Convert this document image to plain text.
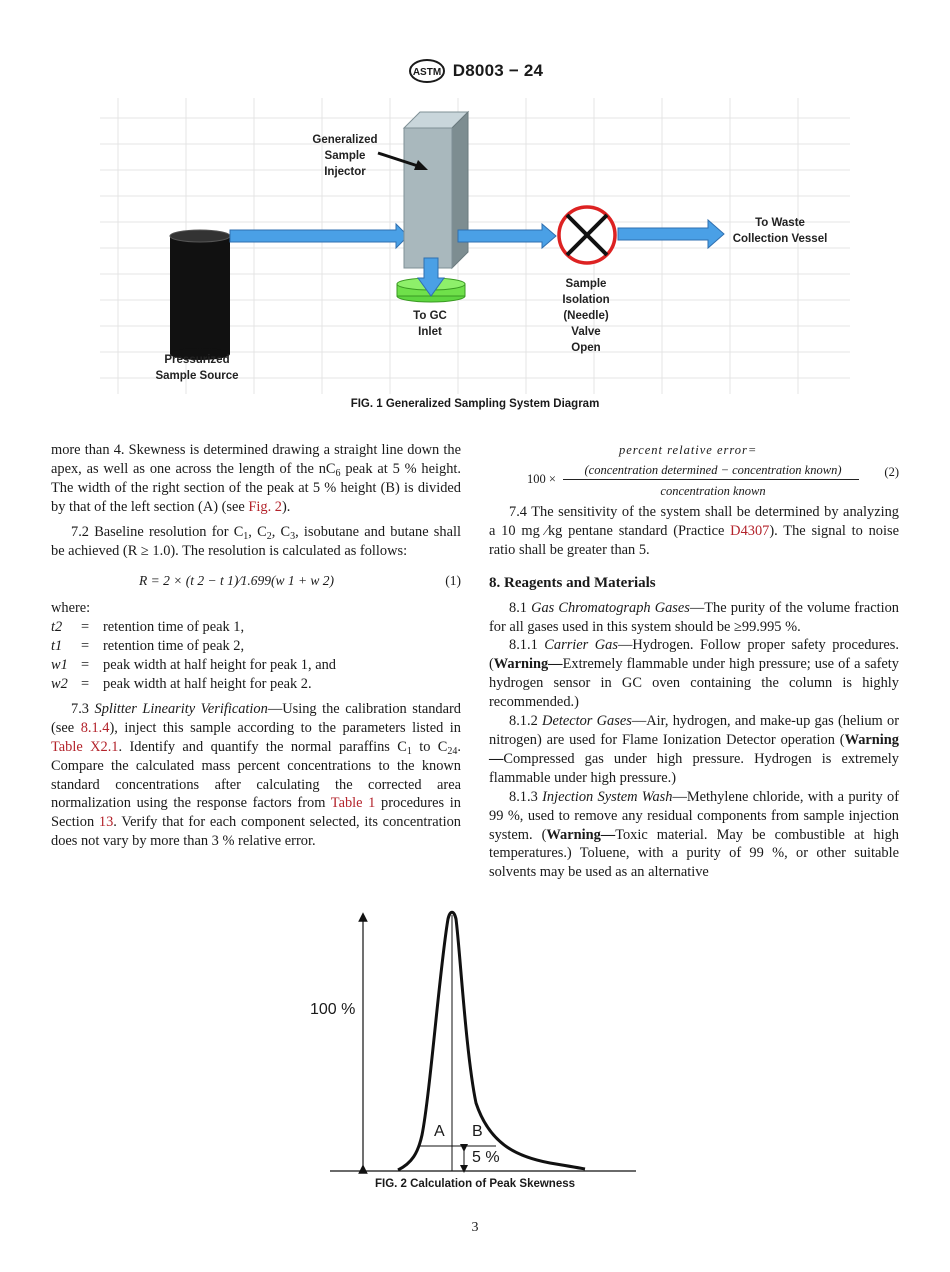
ASTM D8003 − 24
Generalized
Sample
Injector
To Waste
Collection Vessel
To GC
Inlet
Sample
Isolation
(Needle)
Valve
Open
Pressurized
Sample Source
FIG. 1 Generalized Sampling System Diagram

more than 4. Skewness is determined drawing a straight line down the apex, as well as one across the length of the $nC_6$ peak at 5 % height. The width of the right section of the peak at 5 % height (B) is divided by that of the left section (A) (see Fig. 2).

7.2 Baseline resolution for $C_1$, $C_2$, $C_3$, isobutane and butane shall be achieved (R ≥ 1.0). The resolution is calculated as follows:

R = 2 × (t 2 − t 1)⁄1.699(w 1 + w 2)	(1)

where:

t2	= retention time of peak 1,
t1	= retention time of peak 2,
w1 = peak width at half height for peak 1, and
w2 = peak width at half height for peak 2.

7.3 Splitter Linearity Verification—Using the calibration standard (see 8.1.4), inject this sample according to the parameters listed in Table X2.1. Identify and quantify the normal paraffins $C_1$ to $C_{24}$. Compare the calculated mass percent concentrations to the known standard concentrations after calculating the corrected area normalization using the response factors from Table 1 procedures in Section 13. Verify that for each component selected, its concentration does not vary by more than 3 % relative error.

percent relative error=
100 ×
(concentration determined − concentration known)
concentration known
(2)

7.4 The sensitivity of the system shall be determined by analyzing a 10 mg ⁄kg pentane standard (Practice D4307). The signal to noise ratio shall be greater than 5.

8. Reagents and Materials

8.1 Gas Chromatograph Gases—The purity of the volume fraction for all gases used in this system should be ≥99.995 %.

8.1.1 Carrier Gas—Hydrogen. Follow proper safety procedures. (Warning—Extremely flammable under high pressure; use of a safety hydrogen sensor in GC oven containing the column is highly recommended.)

8.1.2 Detector Gases—Air, hydrogen, and make-up gas (helium or nitrogen) are used for Flame Ionization Detector operation (Warning—Compressed gas under high pressure. Hydrogen is extremely flammable under high pressure.)

8.1.3 Injection System Wash—Methylene chloride, with a purity of 99 %, used to remove any residual components from sample injection system. (Warning—Toxic material. May be combustible at high temperatures.) Toluene, with a purity of 99 %, or other suitable solvents may be used as an alternative

100 %
A B
5 %
FIG. 2 Calculation of Peak Skewness
3
